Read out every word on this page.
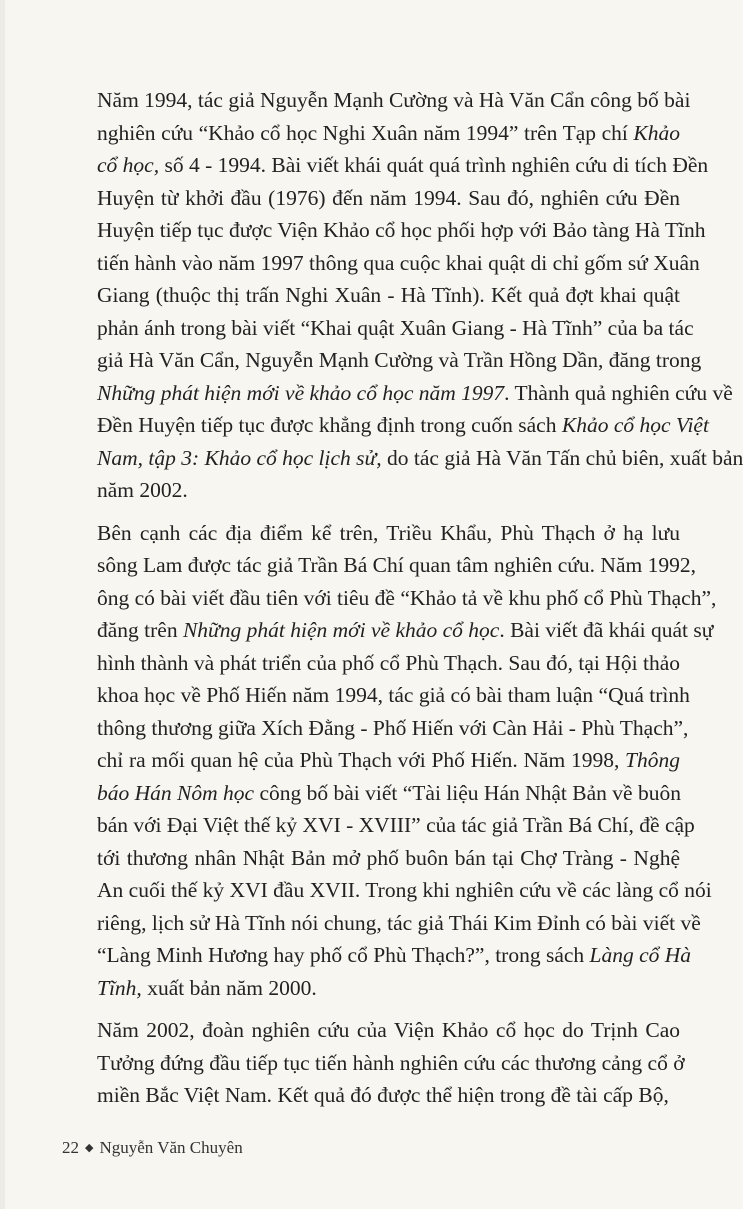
Năm 1994, tác giả Nguyễn Mạnh Cường và Hà Văn Cẩn công bố bài
nghiên cứu “Khảo cổ học Nghi Xuân năm 1994” trên Tạp chí Khảo
cổ học, số 4 - 1994. Bài viết khái quát quá trình nghiên cứu di tích Đền
Huyện từ khởi đầu (1976) đến năm 1994. Sau đó, nghiên cứu Đền
Huyện tiếp tục được Viện Khảo cổ học phối hợp với Bảo tàng Hà Tĩnh
tiến hành vào năm 1997 thông qua cuộc khai quật di chỉ gốm sứ Xuân
Giang (thuộc thị trấn Nghi Xuân - Hà Tĩnh). Kết quả đợt khai quật
phản ánh trong bài viết “Khai quật Xuân Giang - Hà Tĩnh” của ba tác
giả Hà Văn Cẩn, Nguyễn Mạnh Cường và Trần Hồng Dần, đăng trong
Những phát hiện mới về khảo cổ học năm 1997. Thành quả nghiên cứu về
Đền Huyện tiếp tục được khẳng định trong cuốn sách Khảo cổ học Việt
Nam, tập 3: Khảo cổ học lịch sử, do tác giả Hà Văn Tấn chủ biên, xuất bản
năm 2002.

Bên cạnh các địa điểm kể trên, Triều Khẩu, Phù Thạch ở hạ lưu
sông Lam được tác giả Trần Bá Chí quan tâm nghiên cứu. Năm 1992,
ông có bài viết đầu tiên với tiêu đề “Khảo tả về khu phố cổ Phù Thạch”,
đăng trên Những phát hiện mới về khảo cổ học. Bài viết đã khái quát sự
hình thành và phát triển của phố cổ Phù Thạch. Sau đó, tại Hội thảo
khoa học về Phố Hiến năm 1994, tác giả có bài tham luận “Quá trình
thông thương giữa Xích Đằng - Phố Hiến với Càn Hải - Phù Thạch”,
chỉ ra mối quan hệ của Phù Thạch với Phố Hiến. Năm 1998, Thông
báo Hán Nôm học công bố bài viết “Tài liệu Hán Nhật Bản về buôn
bán với Đại Việt thế kỷ XVI - XVIII” của tác giả Trần Bá Chí, đề cập
tới thương nhân Nhật Bản mở phố buôn bán tại Chợ Tràng - Nghệ
An cuối thế kỷ XVI đầu XVII. Trong khi nghiên cứu về các làng cổ nói
riêng, lịch sử Hà Tĩnh nói chung, tác giả Thái Kim Đỉnh có bài viết về
“Làng Minh Hương hay phố cổ Phù Thạch?”, trong sách Làng cổ Hà
Tĩnh, xuất bản năm 2000.

Năm 2002, đoàn nghiên cứu của Viện Khảo cổ học do Trịnh Cao
Tưởng đứng đầu tiếp tục tiến hành nghiên cứu các thương cảng cổ ở
miền Bắc Việt Nam. Kết quả đó được thể hiện trong đề tài cấp Bộ,

22 ◆ Nguyễn Văn Chuyên
